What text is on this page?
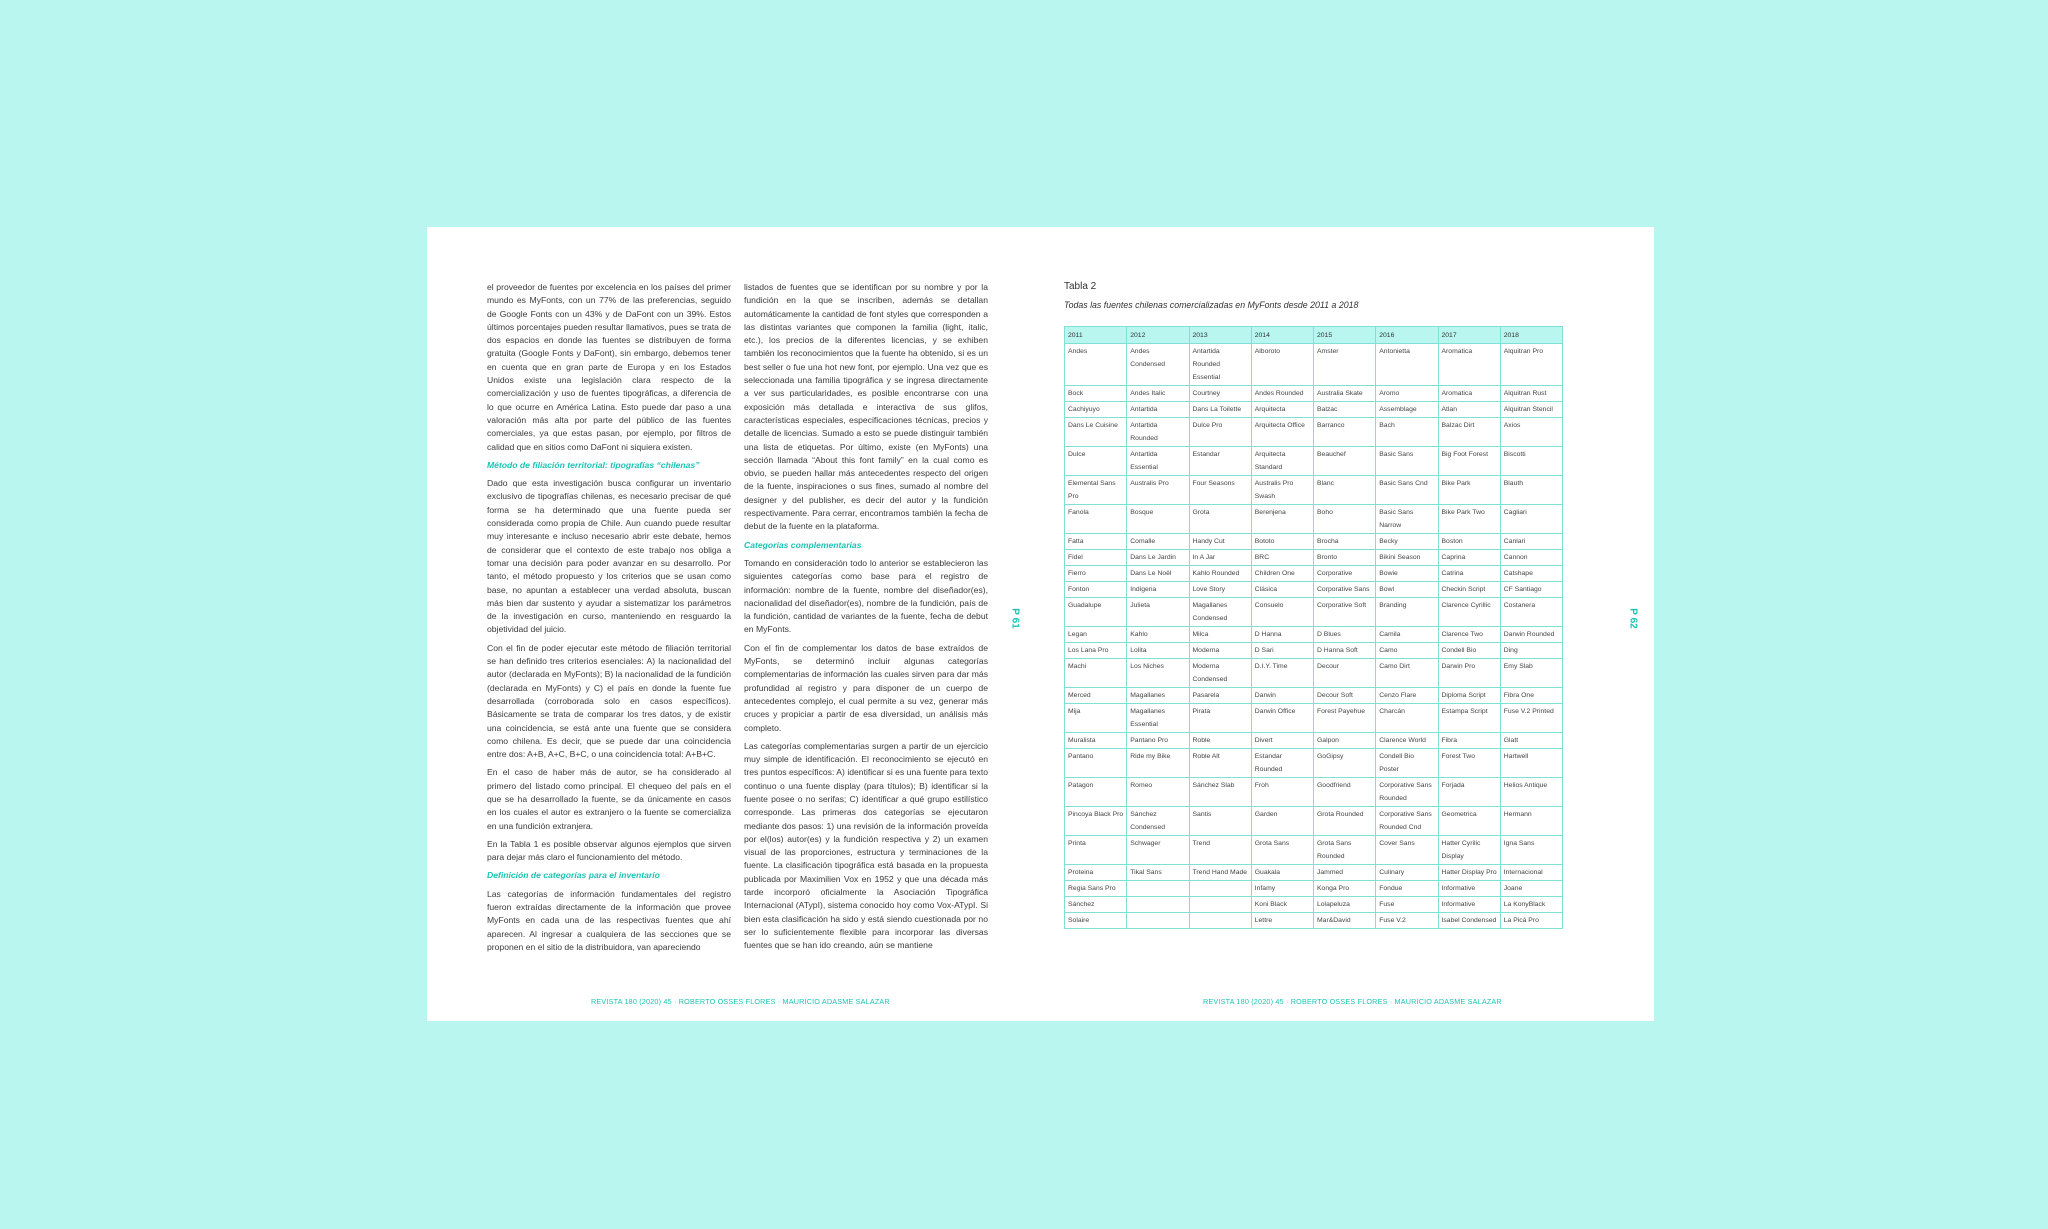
el proveedor de fuentes por excelencia en los países del primer mundo es MyFonts, con un 77% de las preferencias, seguido de Google Fonts con un 43% y de DaFont con un 39%. Estos últimos porcentajes pueden resultar llamativos, pues se trata de dos espacios en donde las fuentes se distribuyen de forma gratuita (Google Fonts y DaFont), sin embargo, debemos tener en cuenta que en gran parte de Europa y en los Estados Unidos existe una legislación clara respecto de la comercialización y uso de fuentes tipográficas, a diferencia de lo que ocurre en América Latina. Esto puede dar paso a una valoración más alta por parte del público de las fuentes comerciales, ya que estas pasan, por ejemplo, por filtros de calidad que en sitios como DaFont ni siquiera existen.

Método de filiación territorial: tipografías “chilenas”

Dado que esta investigación busca configurar un inventario exclusivo de tipografías chilenas, es necesario precisar de qué forma se ha determinado que una fuente pueda ser considerada como propia de Chile. Aun cuando puede resultar muy interesante e incluso necesario abrir este debate, hemos de considerar que el contexto de este trabajo nos obliga a tomar una decisión para poder avanzar en su desarrollo. Por tanto, el método propuesto y los criterios que se usan como base, no apuntan a establecer una verdad absoluta, buscan más bien dar sustento y ayudar a sistematizar los parámetros de la investigación en curso, manteniendo en resguardo la objetividad del juicio.

Con el fin de poder ejecutar este método de filiación territorial se han definido tres criterios esenciales: A) la nacionalidad del autor (declarada en MyFonts); B) la nacionalidad de la fundición (declarada en MyFonts) y C) el país en donde la fuente fue desarrollada (corroborada solo en casos específicos). Básicamente se trata de comparar los tres datos, y de existir una coincidencia, se está ante una fuente que se considera como chilena. Es decir, que se puede dar una coincidencia entre dos: A+B, A+C, B+C, o una coincidencia total: A+B+C.

En el caso de haber más de autor, se ha considerado al primero del listado como principal. El chequeo del país en el que se ha desarrollado la fuente, se da únicamente en casos en los cuales el autor es extranjero o la fuente se comercializa en una fundición extranjera.

En la Tabla 1 es posible observar algunos ejemplos que sirven para dejar más claro el funcionamiento del método.

Definición de categorías para el inventario

Las categorías de información fundamentales del registro fueron extraídas directamente de la información que provee MyFonts en cada una de las respectivas fuentes que ahí aparecen. Al ingresar a cualquiera de las secciones que se proponen en el sitio de la distribuidora, van apareciendo

listados de fuentes que se identifican por su nombre y por la fundición en la que se inscriben, además se detallan automáticamente la cantidad de font styles que corresponden a las distintas variantes que componen la familia (light, italic, etc.), los precios de la diferentes licencias, y se exhiben también los reconocimientos que la fuente ha obtenido, si es un best seller o fue una hot new font, por ejemplo. Una vez que es seleccionada una familia tipográfica y se ingresa directamente a ver sus particularidades, es posible encontrarse con una exposición más detallada e interactiva de sus glifos, características especiales, especificaciones técnicas, precios y detalle de licencias. Sumado a esto se puede distinguir también una lista de etiquetas. Por último, existe (en MyFonts) una sección llamada “About this font family” en la cual como es obvio, se pueden hallar más antecedentes respecto del origen de la fuente, inspiraciones o sus fines, sumado al nombre del designer y del publisher, es decir del autor y la fundición respectivamente. Para cerrar, encontramos también la fecha de debut de la fuente en la plataforma.

Categorías complementarias

Tomando en consideración todo lo anterior se establecieron las siguientes categorías como base para el registro de información: nombre de la fuente, nombre del diseñador(es), nacionalidad del diseñador(es), nombre de la fundición, país de la fundición, cantidad de variantes de la fuente, fecha de debut en MyFonts.

Con el fin de complementar los datos de base extraídos de MyFonts, se determinó incluir algunas categorías complementarias de información las cuales sirven para dar más profundidad al registro y para disponer de un cuerpo de antecedentes complejo, el cual permite a su vez, generar más cruces y propiciar a partir de esa diversidad, un análisis más completo.

Las categorías complementarias surgen a partir de un ejercicio muy simple de identificación. El reconocimiento se ejecutó en tres puntos específicos: A) identificar si es una fuente para texto continuo o una fuente display (para títulos); B) identificar si la fuente posee o no serifas; C) identificar a qué grupo estilístico corresponde. Las primeras dos categorías se ejecutaron mediante dos pasos: 1) una revisión de la información proveída por el(los) autor(es) y la fundición respectiva y 2) un examen visual de las proporciones, estructura y terminaciones de la fuente. La clasificación tipográfica está basada en la propuesta publicada por Maximilien Vox en 1952 y que una década más tarde incorporó oficialmente la Asociación Tipográfica Internacional (ATypI), sistema conocido hoy como Vox-ATypI. Si bien esta clasificación ha sido y está siendo cuestionada por no ser lo suficientemente flexible para incorporar las diversas fuentes que se han ido creando, aún se mantiene

P 61
REVISTA 180 (2020) 45 · ROBERTO OSSES FLORES · MAURICIO ADASME SALAZAR
Tabla 2
Todas las fuentes chilenas comercializadas en MyFonts desde 2011 a 2018
2011	2012	2013	2014	2015	2016	2017	2018
Andes	Andes Condensed	Antartida Rounded Essential	Alboroto	Amster	Antonietta	Aromatica	Alquitran Pro
Bock	Andes Italic	Courtney	Andes Rounded	Australia Skate	Aromo	Aromatica	Alquitran Rust
Cachiyuyo	Antartida	Dans La Toilette	Arquitecta	Balzac	Assemblage	Atlan	Alquitran Stencil
Dans Le Cuisine	Antartida Rounded	Dulce Pro	Arquitecta Office	Barranco	Bach	Balzac Dirt	Axios
Dulce	Antartida Essential	Estandar	Arquitecta Standard	Beauchef	Basic Sans	Big Foot Forest	Biscotti
Elemental Sans Pro	Australis Pro	Four Seasons	Australis Pro Swash	Blanc	Basic Sans Cnd	Bike Park	Blauth
Fanola	Bosque	Grota	Berenjena	Boho	Basic Sans Narrow	Bike Park Two	Cagliari
Fatta	Comalle	Handy Cut	Bototo	Brocha	Becky	Boston	Canlari
Fidel	Dans Le Jardin	In A Jar	BRC	Bronto	Bikini Season	Caprina	Cannon
Fierro	Dans Le Noël	Kahlo Rounded	Children One	Corporative	Bowie	Catrina	Catshape
Fonton	Indigena	Love Story	Clásica	Corporative Sans	Bowl	Checkin Script	CF Santiago
Guadalupe	Julieta	Magallanes Condensed	Consuelo	Corporative Soft	Branding	Clarence Cyrillic	Costanera
Legan	Kahlo	Milca	D Hanna	D Blues	Camila	Clarence Two	Darwin Rounded
Los Lana Pro	Lolita	Moderna	D Sari	D Hanna Soft	Camo	Condell Bio	Ding
Machi	Los Niches	Moderna Condensed	D.I.Y. Time	Decour	Camo Dirt	Darwin Pro	Emy Slab
Merced	Magallanes	Pasarela	Darwin	Decour Soft	Cenzo Flare	Diploma Script	Fibra One
Mija	Magallanes Essential	Pirata	Darwin Office	Forest Payehue	Charcán	Estampa Script	Fuse V.2 Printed
Muralista	Pantano Pro	Roble	Divert	Galpon	Clarence World	Fibra	Glatt
Pantano	Ride my Bike	Roble Alt	Estandar Rounded	GoGipsy	Condell Bio Poster	Forest Two	Hartwell
Patagon	Romeo	Sánchez Slab	Froh	Goodfriend	Corporative Sans Rounded	Forjada	Helios Antique
Pincoya Black Pro	Sánchez Condensed	Santis	Garden	Grota Rounded	Corporative Sans Rounded Cnd	Geometrica	Hermann
Printa	Schwager	Trend	Grota Sans	Grota Sans Rounded	Cover Sans	Hatter Cyrilic Display	Igna Sans
Proteina	Tikal Sans	Trend Hand Made	Guakala	Jammed	Culinary	Hatter Display Pro	Internacional
Regia Sans Pro			Infamy	Konga Pro	Fondue	Informative	Joane
Sánchez			Koni Black	Lolapeluza	Fuse	Informative	La KonyBlack
Solaire			Lettre	Mar&David	Fuse V.2	Isabel Condensed	La Picá Pro
P 62
REVISTA 180 (2020) 45 · ROBERTO OSSES FLORES · MAURICIO ADASME SALAZAR
